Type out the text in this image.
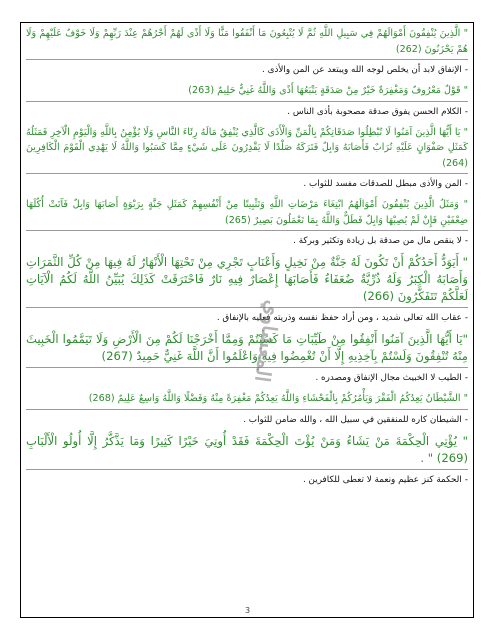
" الَّذِينَ يُنْفِقُونَ أَمْوَالَهُمْ فِي سَبِيلِ اللَّهِ ثُمَّ لَا يُتْبِعُونَ مَا أَنْفَقُوا مَنًّا وَلَا أَذًى لَهُمْ أَجْرُهُمْ عِنْدَ رَبِّهِمْ وَلَا خَوْفٌ عَلَيْهِمْ وَلَا هُمْ يَحْزَنُونَ (262)

-الإنفاق لابد أن يخلص لوجه الله ويبتعد عن المن والأذى .

" قَوْلٌ مَعْرُوفٌ وَمَغْفِرَةٌ خَيْرٌ مِنْ صَدَقَةٍ يَتْبَعُهَا أَذًى وَاللَّهُ غَنِيٌّ حَلِيمٌ (263)

-الكلام الحسن يفوق صدقة مصحوبة بأذى الناس .

" يَا أَيُّهَا الَّذِينَ آمَنُوا لَا تُبْطِلُوا صَدَقَاتِكُمْ بِالْمَنِّ وَالْأَذَى كَالَّذِي يُنْفِقُ مَالَهُ رِئَاءَ النَّاسِ وَلَا يُؤْمِنُ بِاللَّهِ وَالْيَوْمِ الْآخِرِ فَمَثَلُهُ كَمَثَلِ صَفْوَانٍ عَلَيْهِ تُرَابٌ فَأَصَابَهُ وَابِلٌ فَتَرَكَهُ صَلْدًا لَا يَقْدِرُونَ عَلَى شَيْءٍ مِمَّا كَسَبُوا وَاللَّهُ لَا يَهْدِي الْقَوْمَ الْكَافِرِينَ (264)

-المن والأذى مبطل للصدقات مفسد للثواب .

" وَمَثَلُ الَّذِينَ يُنْفِقُونَ أَمْوَالَهُمُ ابْتِغَاءَ مَرْضَاتِ اللَّهِ وَتَثْبِيتًا مِنْ أَنْفُسِهِمْ كَمَثَلِ جَنَّةٍ بِرَبْوَةٍ أَصَابَهَا وَابِلٌ فَآتَتْ أُكُلَهَا ضِعْفَيْنِ فَإِنْ لَمْ يُصِبْهَا وَابِلٌ فَطَلٌّ وَاللَّهُ بِمَا تَعْمَلُونَ بَصِيرٌ (265)

-لا ينقص مال من صدقة بل زيادة وتكثير وبركة .

" أَيَوَدُّ أَحَدُكُمْ أَنْ تَكُونَ لَهُ جَنَّةٌ مِنْ نَخِيلٍ وَأَعْنَابٍ تَجْرِي مِنْ تَحْتِهَا الْأَنْهَارُ لَهُ فِيهَا مِنْ كُلِّ الثَّمَرَاتِ وَأَصَابَهُ الْكِبَرُ وَلَهُ ذُرِّيَّةٌ ضُعَفَاءُ فَأَصَابَهَا إِعْصَارٌ فِيهِ نَارٌ فَاحْتَرَقَتْ كَذَلِكَ يُبَيِّنُ اللَّهُ لَكُمُ الْآيَاتِ لَعَلَّكُمْ تَتَفَكَّرُونَ (266)

-عقاب الله تعالى شديد ، ومن أراد حفظ نفسه وذريته فعليه بالإنفاق .

"يَا أَيُّهَا الَّذِينَ آمَنُوا أَنْفِقُوا مِنْ طَيِّبَاتِ مَا كَسَبْتُمْ وَمِمَّا أَخْرَجْنَا لَكُمْ مِنَ الْأَرْضِ وَلَا تَيَمَّمُوا الْخَبِيثَ مِنْهُ تُنْفِقُونَ وَلَسْتُمْ بِآخِذِيهِ إِلَّا أَنْ تُغْمِضُوا فِيهِ وَاعْلَمُوا أَنَّ اللَّهَ غَنِيٌّ حَمِيدٌ (267)

-الطيب لا الخبيث مجال الإنفاق ومصدره .

" الشَّيْطَانُ يَعِدُكُمُ الْفَقْرَ وَيَأْمُرُكُمْ بِالْفَحْشَاءِ وَاللَّهُ يَعِدُكُمْ مَغْفِرَةً مِنْهُ وَفَضْلًا وَاللَّهُ وَاسِعٌ عَلِيمٌ (268)

-الشيطان كاره للمنفقين في سبيل الله ، والله ضامن للثواب .

" يُؤْتِي الْحِكْمَةَ مَنْ يَشَاءُ وَمَنْ يُؤْتَ الْحِكْمَةَ فَقَدْ أُوتِيَ خَيْرًا كَثِيرًا وَمَا يَذَّكَّرُ إِلَّا أُولُو الْأَلْبَابِ (269) " .

-الحكمة كنز عظيم ونعمة لا تعطى للكافرين .

المعشاوي
3
